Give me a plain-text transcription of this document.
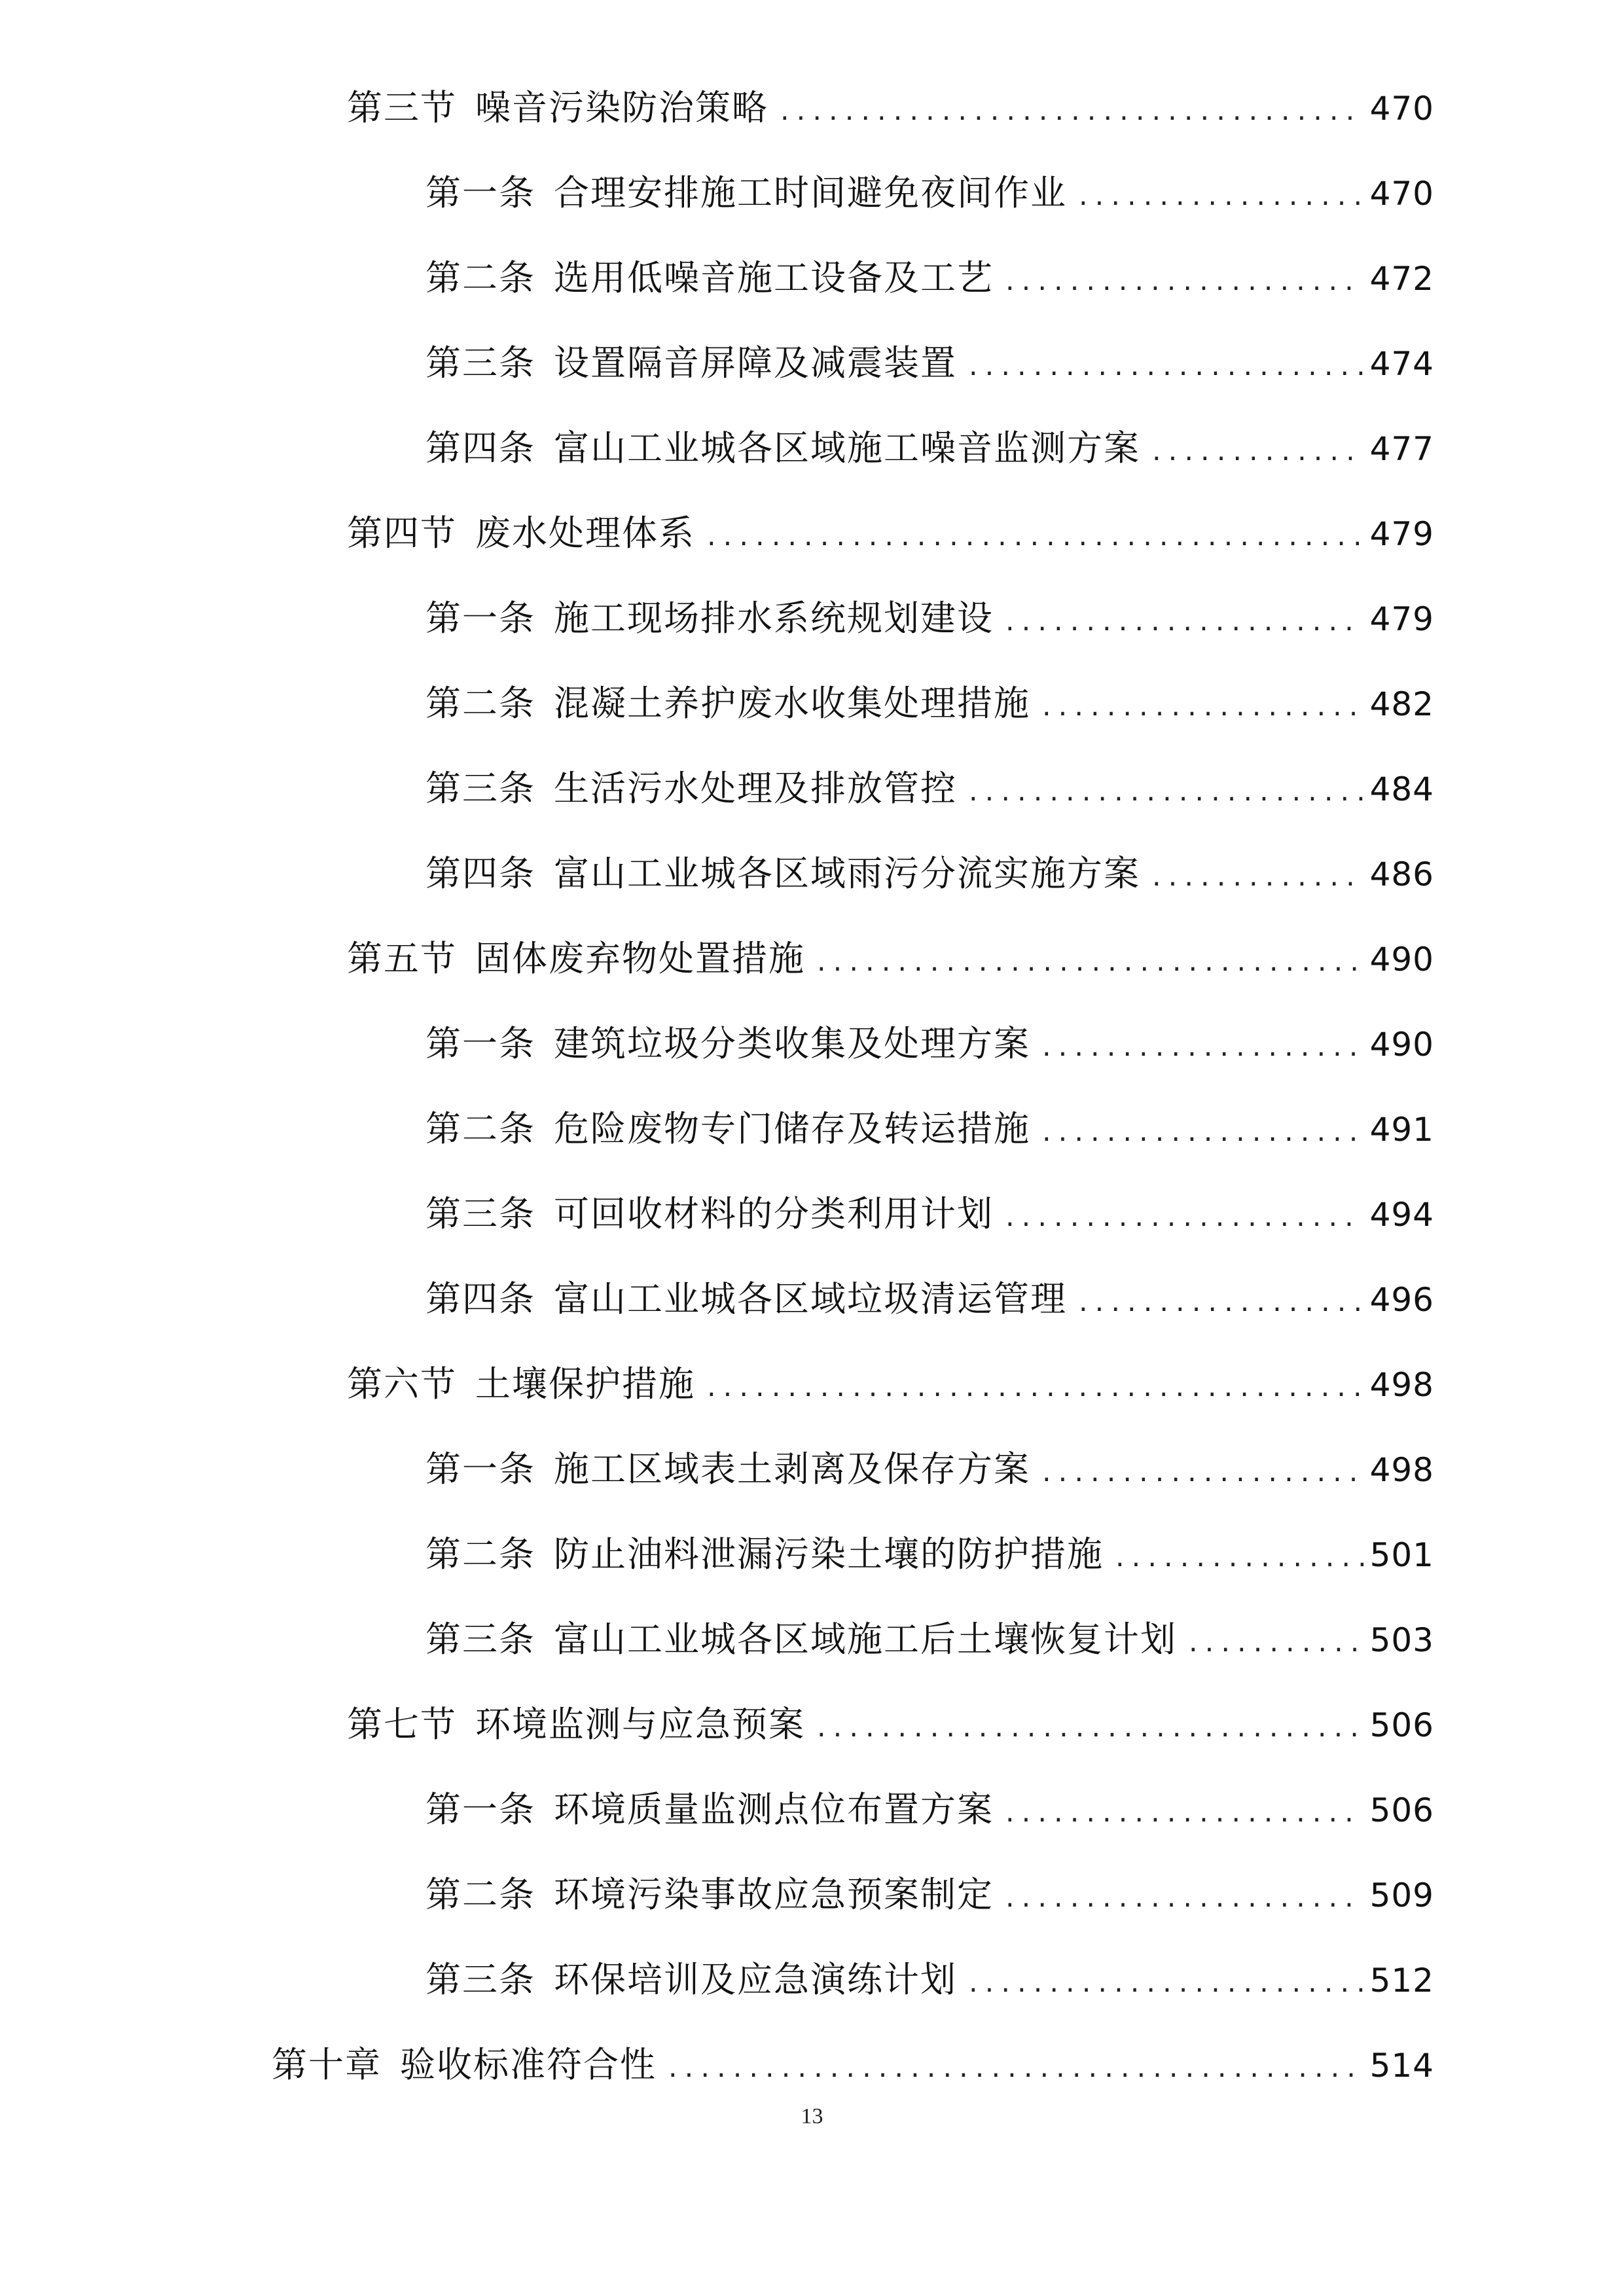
第三节 噪音污染防治策略 .....	470
第一条 合理安排施工时间避免夜间作业 .....	470
第二条 选用低噪音施工设备及工艺 .....	472
第三条 设置隔音屏障及减震装置 .....	474
第四条 富山工业城各区域施工噪音监测方案 .....	477
第四节 废水处理体系 .....	479
第一条 施工现场排水系统规划建设 .....	479
第二条 混凝土养护废水收集处理措施 .....	482
第三条 生活污水处理及排放管控 .....	484
第四条 富山工业城各区域雨污分流实施方案 .....	486
第五节 固体废弃物处置措施 .....	490
第一条 建筑垃圾分类收集及处理方案 .....	490
第二条 危险废物专门储存及转运措施 .....	491
第三条 可回收材料的分类利用计划 .....	494
第四条 富山工业城各区域垃圾清运管理 .....	496
第六节 土壤保护措施 .....	498
第一条 施工区域表土剥离及保存方案 .....	498
第二条 防止油料泄漏污染土壤的防护措施 .....	501
第三条 富山工业城各区域施工后土壤恢复计划 .....	503
第七节 环境监测与应急预案 .....	506
第一条 环境质量监测点位布置方案 .....	506
第二条 环境污染事故应急预案制定 .....	509
第三条 环保培训及应急演练计划 .....	512
第十章 验收标准符合性 .....	514
13
